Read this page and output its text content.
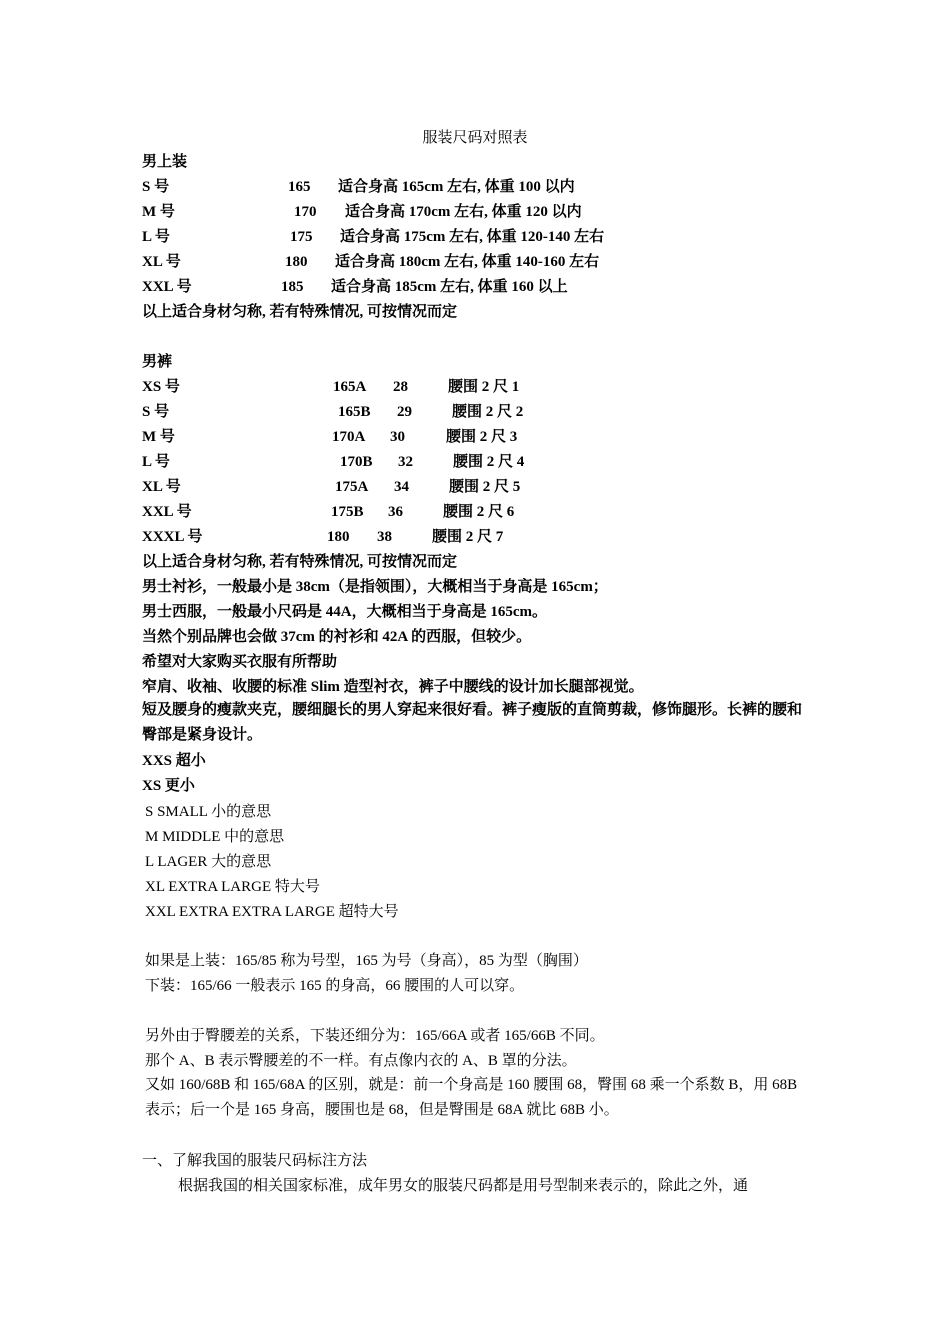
服装尺码对照表
男上装
S 号	165 适合身高 165cm 左右, 体重 100 以内
M 号	170 适合身高 170cm 左右, 体重 120 以内
L 号	175 适合身高 175cm 左右, 体重 120-140 左右
XL 号	180 适合身高 180cm 左右, 体重 140-160 左右
XXL 号	185 适合身高 185cm 左右, 体重 160 以上
以上适合身材匀称, 若有特殊情况, 可按情况而定
男裤
XS 号	165A 28	腰围 2 尺 1
S 号	165B 29	腰围 2 尺 2
M 号	170A 30	腰围 2 尺 3
L 号	170B 32	腰围 2 尺 4
XL 号	175A 34	腰围 2 尺 5
XXL 号	175B 36	腰围 2 尺 6
XXXL 号	180 38	腰围 2 尺 7
以上适合身材匀称, 若有特殊情况, 可按情况而定
男士衬衫，一般最小是 38cm（是指领围），大概相当于身高是 165cm；
男士西服，一般最小尺码是 44A，大概相当于身高是 165cm。
当然个别品牌也会做 37cm 的衬衫和 42A 的西服，但较少。
希望对大家购买衣服有所帮助
窄肩、收袖、收腰的标准 Slim 造型衬衣，裤子中腰线的设计加长腿部视觉。
短及腰身的瘦款夹克，腰细腿长的男人穿起来很好看。裤子瘦版的直筒剪裁，修饰腿形。长裤的腰和臀部是紧身设计。
XXS 超小
XS 更小
S SMALL 小的意思
M MIDDLE 中的意思
L LAGER 大的意思
XL EXTRA LARGE 特大号
XXL EXTRA EXTRA LARGE 超特大号
如果是上装：165/85 称为号型，165 为号（身高），85 为型（胸围）
下装：165/66 一般表示 165 的身高，66 腰围的人可以穿。
另外由于臀腰差的关系，下装还细分为：165/66A 或者 165/66B 不同。
那个 A、B 表示臀腰差的不一样。有点像内衣的 A、B 罩的分法。
又如 160/68B 和 165/68A 的区别，就是：前一个身高是 160 腰围 68，臀围 68 乘一个系数 B，用 68B 表示；后一个是 165 身高，腰围也是 68，但是臀围是 68A 就比 68B 小。
一、了解我国的服装尺码标注方法
根据我国的相关国家标准，成年男女的服装尺码都是用号型制来表示的，除此之外，通
